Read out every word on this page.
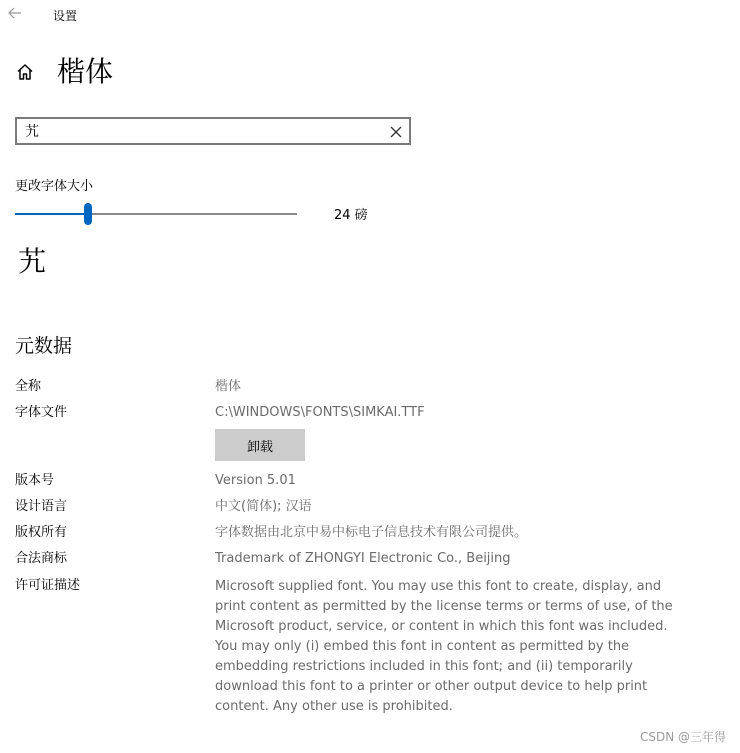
设置
楷体
艽
更改字体大小
24 磅
艽
元数据
全称	楷体
字体文件	C:\WINDOWS\FONTS\SIMKAI.TTF
卸载
版本号	Version 5.01
设计语言	中文(简体); 汉语
版权所有	字体数据由北京中易中标电子信息技术有限公司提供。
合法商标	Trademark of ZHONGYI Electronic Co., Beijing
许可证描述	Microsoft supplied font. You may use this font to create, display, and print content as permitted by the license terms or terms of use, of the Microsoft product, service, or content in which this font was included. You may only (i) embed this font in content as permitted by the embedding restrictions included in this font; and (ii) temporarily download this font to a printer or other output device to help print content. Any other use is prohibited.
CSDN @三年得
